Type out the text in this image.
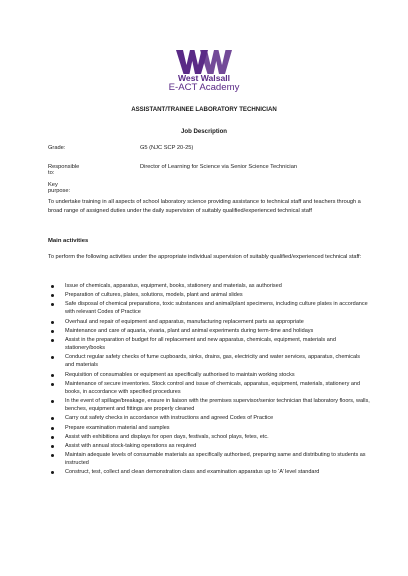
West Walsall
E-ACT Academy
ASSISTANT/TRAINEE LABORATORY TECHNICIAN
Job Description
Grade:	G5 (NJC SCP 20-25)
Responsible to:
Director of Learning for Science via Senior Science Technician
Key purpose:
To undertake training in all aspects of school laboratory science providing assistance to technical staff and teachers through a broad range of assigned duties under the daily supervision of suitably qualified/experienced technical staff
Main activities
To perform the following activities under the appropriate individual supervision of suitably qualified/experienced technical staff:
Issue of chemicals, apparatus, equipment, books, stationery and materials, as authorised
Preparation of cultures, plates, solutions, models, plant and animal slides
Safe disposal of chemical preparations, toxic substances and animal/plant specimens, including culture plates in accordance with relevant Codes of Practice
Overhaul and repair of equipment and apparatus, manufacturing replacement parts as appropriate
Maintenance and care of aquaria, vivaria, plant and animal experiments during term-time and holidays
Assist in the preparation of budget for all replacement and new apparatus, chemicals, equipment, materials and stationery/books
Conduct regular safety checks of fume cupboards, sinks, drains, gas, electricity and water services, apparatus, chemicals and materials
Requisition of consumables or equipment as specifically authorised to maintain working stocks
Maintenance of secure inventories. Stock control and issue of chemicals, apparatus, equipment, materials, stationery and books, in accordance with specified procedures
In the event of spillage/breakage, ensure in liaison with the premises supervisor/senior technician that laboratory floors, walls, benches, equipment and fittings are properly cleaned
Carry out safety checks in accordance with instructions and agreed Codes of Practice
Prepare examination material and samples
Assist with exhibitions and displays for open days, festivals, school plays, fetes, etc.
Assist with annual stock-taking operations as required
Maintain adequate levels of consumable materials as specifically authorised, preparing same and distributing to students as instructed
Construct, test, collect and clean demonstration class and examination apparatus up to ‘A’ level standard
